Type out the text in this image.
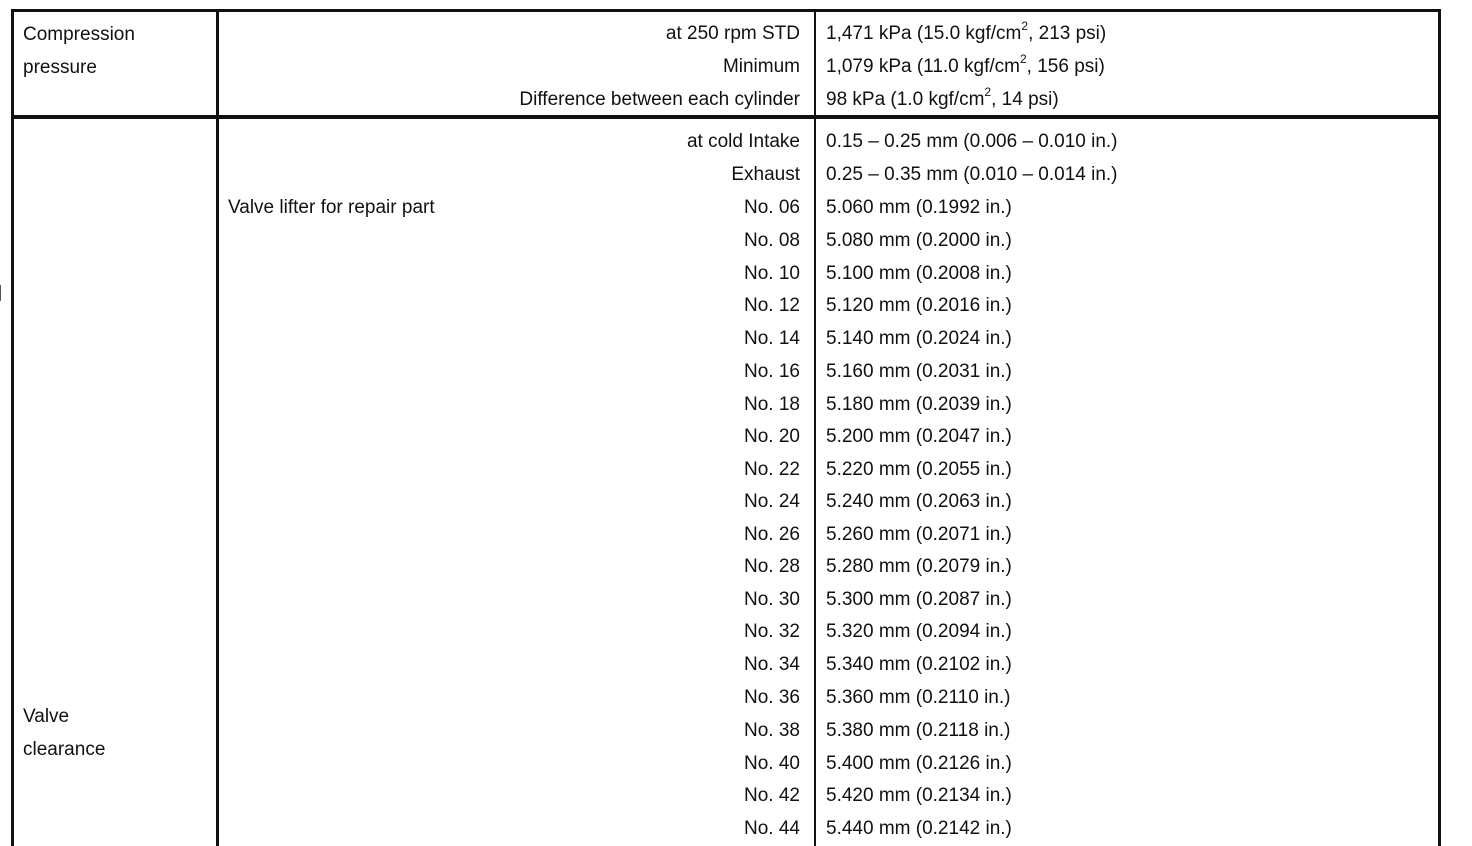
Compression
pressure
at 250 rpm STD 1,471 kPa (15.0 kgf/$cm^2$, 213 psi)
Minimum 1,079 kPa (11.0 kgf/$cm^2$, 156 psi)
Difference between each cylinder 98 kPa (1.0 kgf/$cm^2$, 14 psi)
Valve
clearance
Valve lifter for repair part
at cold Intake 0.15 – 0.25 mm (0.006 – 0.010 in.)
Exhaust 0.25 – 0.35 mm (0.010 – 0.014 in.)
No. 06 5.060 mm (0.1992 in.)
No. 08 5.080 mm (0.2000 in.)
No. 10 5.100 mm (0.2008 in.)
No. 12 5.120 mm (0.2016 in.)
No. 14 5.140 mm (0.2024 in.)
No. 16 5.160 mm (0.2031 in.)
No. 18 5.180 mm (0.2039 in.)
No. 20 5.200 mm (0.2047 in.)
No. 22 5.220 mm (0.2055 in.)
No. 24 5.240 mm (0.2063 in.)
No. 26 5.260 mm (0.2071 in.)
No. 28 5.280 mm (0.2079 in.)
No. 30 5.300 mm (0.2087 in.)
No. 32 5.320 mm (0.2094 in.)
No. 34 5.340 mm (0.2102 in.)
No. 36 5.360 mm (0.2110 in.)
No. 38 5.380 mm (0.2118 in.)
No. 40 5.400 mm (0.2126 in.)
No. 42 5.420 mm (0.2134 in.)
No. 44 5.440 mm (0.2142 in.)
